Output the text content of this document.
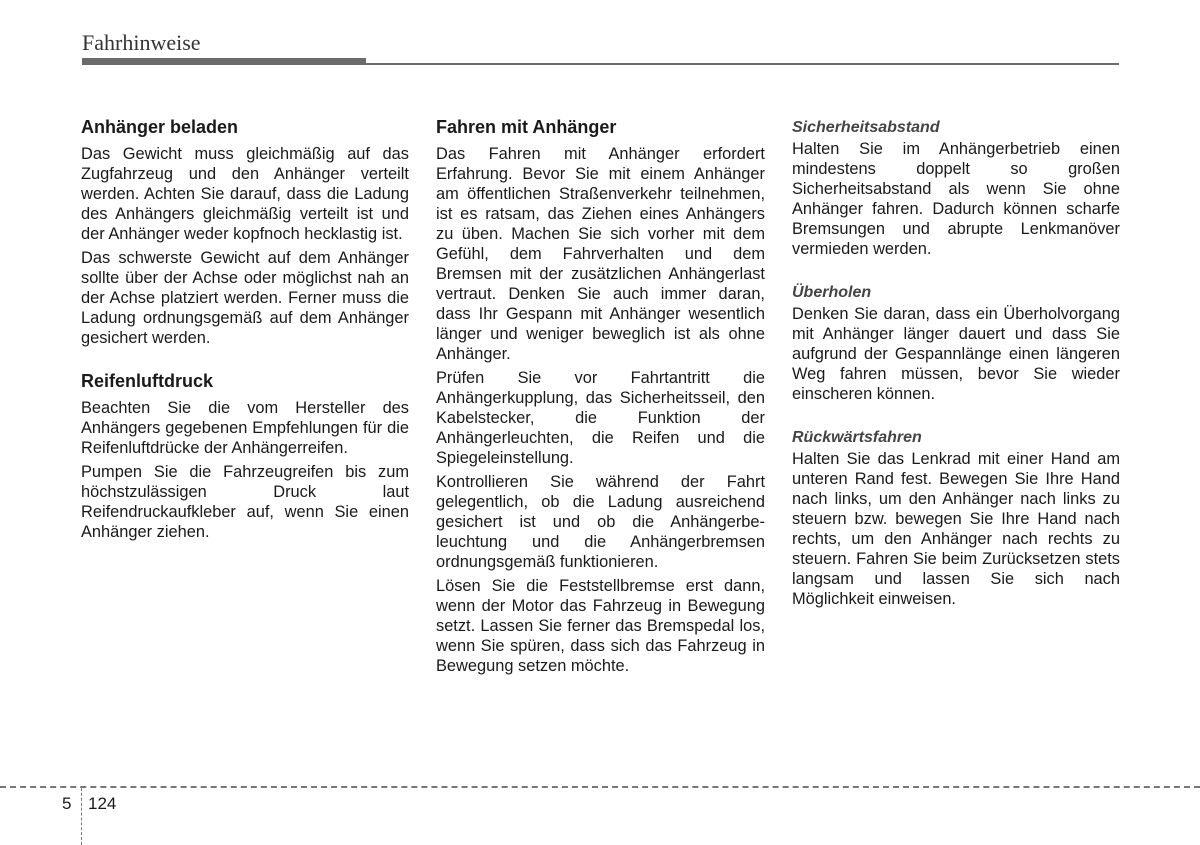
Fahrhinweise
Anhänger beladen

Das Gewicht muss gleichmäßig auf das Zugfahrzeug und den Anhänger verteilt werden. Achten Sie darauf, dass die Ladung des Anhängers gleichmäßig verteilt ist und der Anhänger weder kopfnoch hecklastig ist.

Das schwerste Gewicht auf dem Anhänger sollte über der Achse oder möglichst nah an der Achse platziert werden. Ferner muss die Ladung ordnungsgemäß auf dem Anhänger gesichert werden.

Reifenluftdruck

Beachten Sie die vom Hersteller des Anhängers gegebenen Empfehlungen für die Reifenluftdrücke der Anhängerreifen.

Pumpen Sie die Fahrzeugreifen bis zum höchstzulässigen Druck laut Reifendruckaufkleber auf, wenn Sie einen Anhänger ziehen.

Fahren mit Anhänger

Das Fahren mit Anhänger erfordert Erfahrung. Bevor Sie mit einem Anhänger am öffentlichen Straßenverkehr teilnehmen, ist es ratsam, das Ziehen eines Anhängers zu üben. Machen Sie sich vorher mit dem Gefühl, dem Fahrverhalten und dem Bremsen mit der zusätzlichen Anhängerlast vertraut. Denken Sie auch immer daran, dass Ihr Gespann mit Anhänger wesentlich länger und weniger beweglich ist als ohne Anhänger.

Prüfen Sie vor Fahrtantritt die Anhängerkupplung, das Sicherheitsseil, den Kabelstecker, die Funktion der Anhängerleuchten, die Reifen und die Spiegeleinstellung.

Kontrollieren Sie während der Fahrt gelegentlich, ob die Ladung ausreichend gesichert ist und ob die Anhängerbeleuchtung und die Anhängerbremsen ordnungsgemäß funktionieren.

Lösen Sie die Feststellbremse erst dann, wenn der Motor das Fahrzeug in Bewegung setzt. Lassen Sie ferner das Bremspedal los, wenn Sie spüren, dass sich das Fahrzeug in Bewegung setzen möchte.

Sicherheitsabstand

Halten Sie im Anhängerbetrieb einen mindestens doppelt so großen Sicherheitsabstand als wenn Sie ohne Anhänger fahren. Dadurch können scharfe Bremsungen und abrupte Lenkmanöver vermieden werden.

Überholen

Denken Sie daran, dass ein Überholvorgang mit Anhänger länger dauert und dass Sie aufgrund der Gespannlänge einen längeren Weg fahren müssen, bevor Sie wieder einscheren können.

Rückwärtsfahren

Halten Sie das Lenkrad mit einer Hand am unteren Rand fest. Bewegen Sie Ihre Hand nach links, um den Anhänger nach links zu steuern bzw. bewegen Sie Ihre Hand nach rechts, um den Anhänger nach rechts zu steuern. Fahren Sie beim Zurücksetzen stets langsam und lassen Sie sich nach Möglichkeit einweisen.

5 124
